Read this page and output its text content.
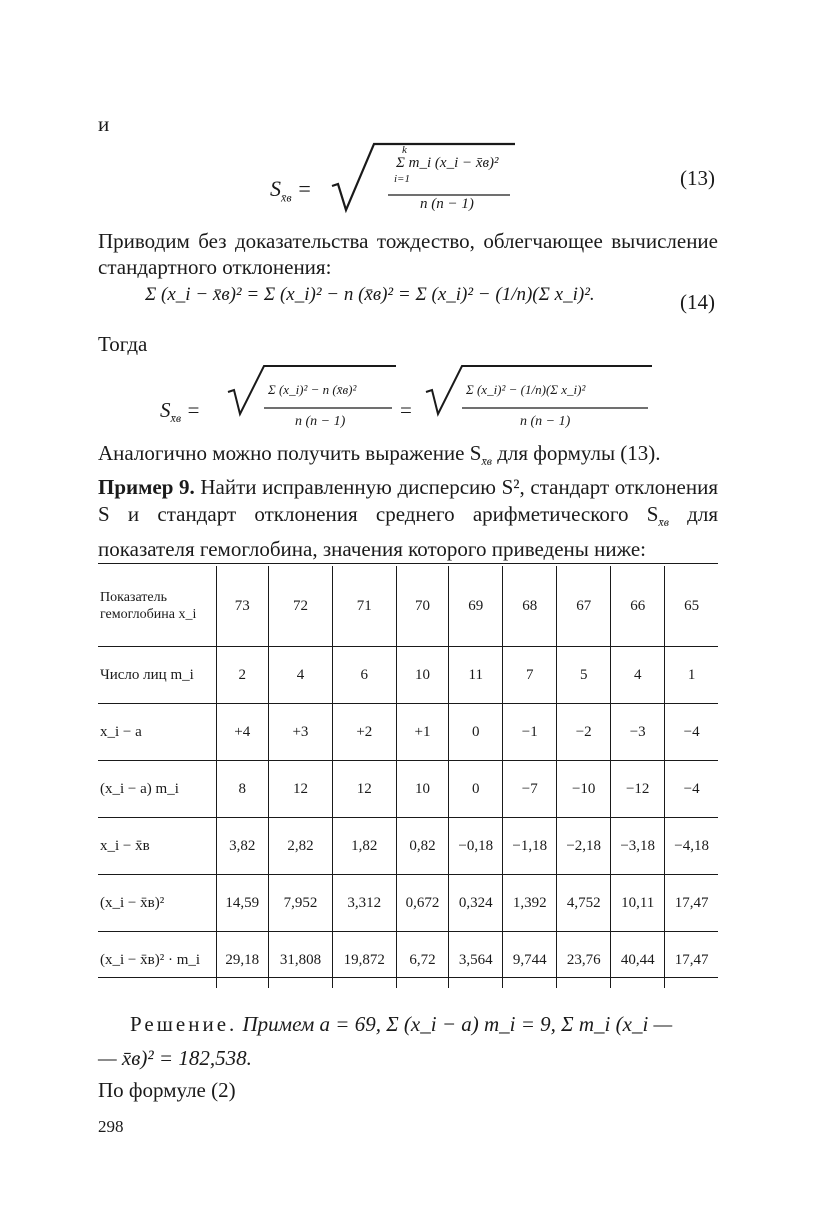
и
$S_{x̄в}$ =
k
Σ m_i (x_i − x̄в)²
i=1
n (n − 1)
(13)
Приводим без доказательства тождество, облегчающее вычисление стандартного отклонения:
Σ (x_i − x̄в)² = Σ (x_i)² − n (x̄в)² = Σ (x_i)² − (1/n)(Σ x_i)².	(14)
Тогда
$S_{x̄в}$ =
Σ (x_i)² − n (x̄в)²
n (n − 1)	=
Σ (x_i)² − (1/n)(Σ x_i)²
n (n − 1)
Аналогично можно получить выражение $S_{x̄в}$ для формулы (13).
Пример 9. Найти исправленную дисперсию S², стандарт отклонения S и стандарт отклонения среднего арифметического $S_{x̄в}$ для показателя гемоглобина, значения которого приведены ниже:
Показатель гемоглобина x_i	73	72	71	70	69	68	67	66	65
Число лиц m_i	2	4	6	10	11	7	5	4	1
x_i − a	+4	+3	+2	+1	0	−1	−2	−3	−4
(x_i − a) m_i	8	12	12	10	0	−7	−10	−12	−4
x_i − x̄в	3,82	2,82	1,82	0,82	−0,18	−1,18	−2,18	−3,18	−4,18
(x_i − x̄в)²	14,59	7,952	3,312	0,672	0,324	1,392	4,752	10,11	17,47
(x_i − x̄в)² · m_i	29,18	31,808	19,872	6,72	3,564	9,744	23,76	40,44	17,47
Решение. Примем a = 69, Σ (x_i − a) m_i = 9, Σ m_i (x_i —
— x̄в)² = 182,538.
По формуле (2)
298
